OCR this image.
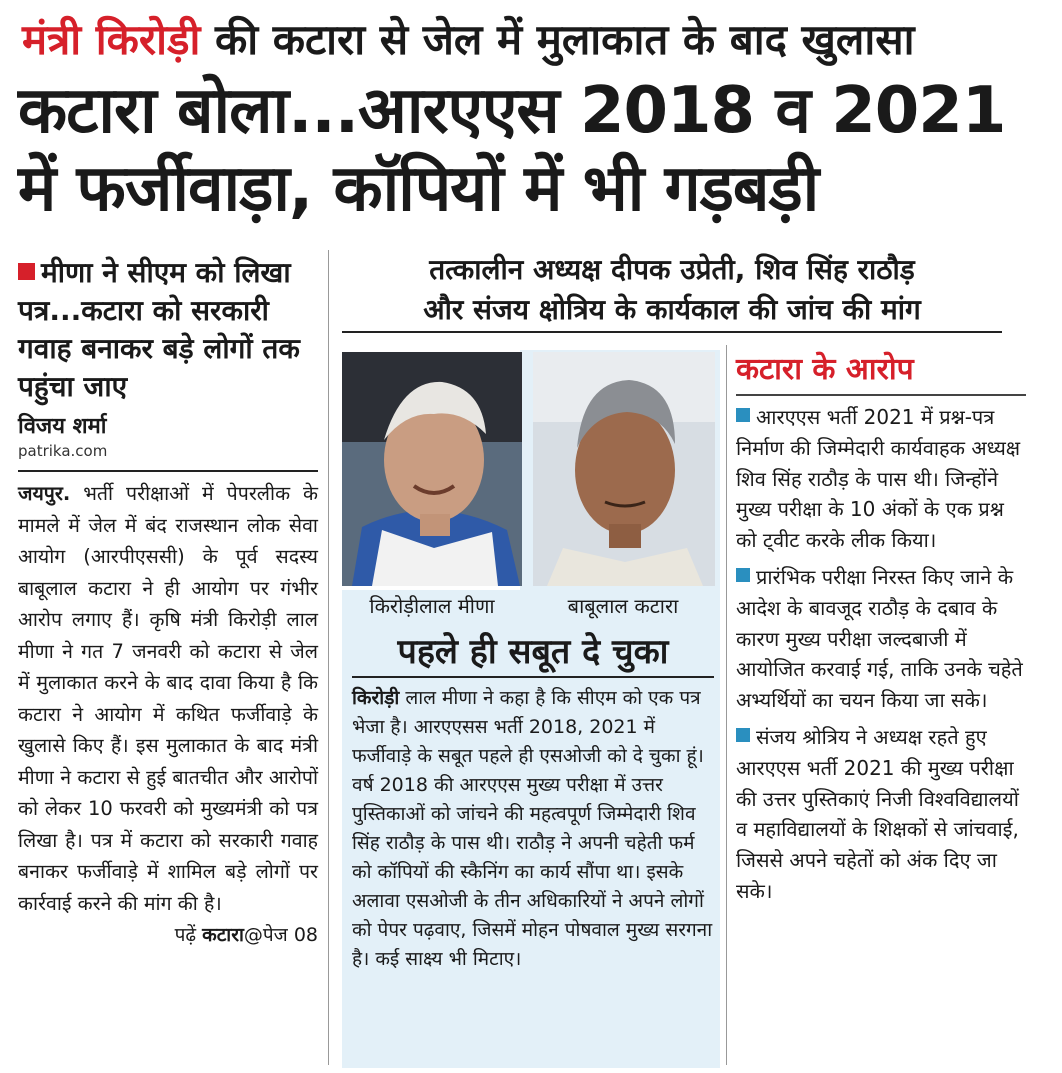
मंत्री किरोड़ी की कटारा से जेल में मुलाकात के बाद खुलासा
कटारा बोला...आरएएस 2018 व 2021
में फर्जीवाड़ा, कॉपियों में भी गड़बड़ी
मीणा ने सीएम को लिखा पत्र...कटारा को सरकारी गवाह बनाकर बड़े लोगों तक पहुंचा जाए
विजय शर्मा
patrika.com
जयपुर. भर्ती परीक्षाओं में पेपरलीक के मामले में जेल में बंद राजस्थान लोक सेवा आयोग (आरपीएससी) के पूर्व सदस्य बाबूलाल कटारा ने ही आयोग पर गंभीर आरोप लगाए हैं। कृषि मंत्री किरोड़ी लाल मीणा ने गत 7 जनवरी को कटारा से जेल में मुलाकात करने के बाद दावा किया है कि कटारा ने आयोग में कथित फर्जीवाड़े के खुलासे किए हैं। इस मुलाकात के बाद मंत्री मीणा ने कटारा से हुई बातचीत और आरोपों को लेकर 10 फरवरी को मुख्यमंत्री को पत्र लिखा है। पत्र में कटारा को सरकारी गवाह बनाकर फर्जीवाड़े में शामिल बड़े लोगों पर कार्रवाई करने की मांग की है।
पढ़ें कटारा@पेज 08
तत्कालीन अध्यक्ष दीपक उप्रेती, शिव सिंह राठौड़
और संजय क्षोत्रिय के कार्यकाल की जांच की मांग
किरोड़ीलाल मीणा	बाबूलाल कटारा
पहले ही सबूत दे चुका
किरोड़ी लाल मीणा ने कहा है कि सीएम को एक पत्र भेजा है। आरएएसस भर्ती 2018, 2021 में फर्जीवाड़े के सबूत पहले ही एसओजी को दे चुका हूं। वर्ष 2018 की आरएएस मुख्य परीक्षा में उत्तर पुस्तिकाओं को जांचने की महत्वपूर्ण जिम्मेदारी शिव सिंह राठौड़ के पास थी। राठौड़ ने अपनी चहेती फर्म को कॉपियों की स्कैनिंग का कार्य सौंपा था। इसके अलावा एसओजी के तीन अधिकारियों ने अपने लोगों को पेपर पढ़वाए, जिसमें मोहन पोषवाल मुख्य सरगना है। कई साक्ष्य भी मिटाए।
कटारा के आरोप

आरएएस भर्ती 2021 में प्रश्न-पत्र निर्माण की जिम्मेदारी कार्यवाहक अध्यक्ष शिव सिंह राठौड़ के पास थी। जिन्होंने मुख्य परीक्षा के 10 अंकों के एक प्रश्न को ट्वीट करके लीक किया।

प्रारंभिक परीक्षा निरस्त किए जाने के आदेश के बावजूद राठौड़ के दबाव के कारण मुख्य परीक्षा जल्दबाजी में आयोजित करवाई गई, ताकि उनके चहेते अभ्यर्थियों का चयन किया जा सके।

संजय श्रोत्रिय ने अध्यक्ष रहते हुए आरएएस भर्ती 2021 की मुख्य परीक्षा की उत्तर पुस्तिकाएं निजी विश्वविद्यालयों व महाविद्यालयों के शिक्षकों से जांचवाई, जिससे अपने चहेतों को अंक दिए जा सके।
